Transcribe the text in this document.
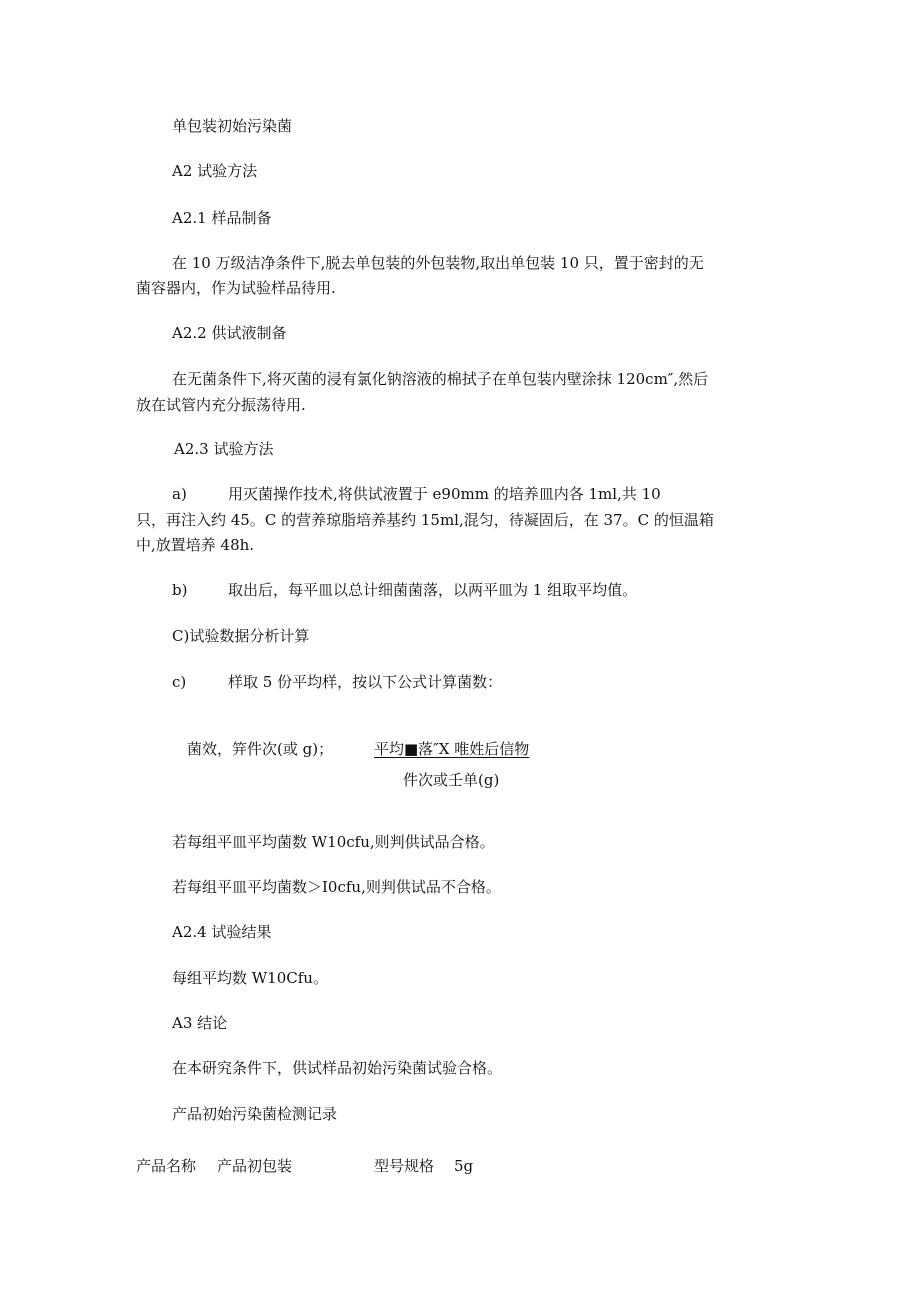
单包装初始污染菌
A2 试验方法
A2.1 样品制备
在 10 万级洁净条件下,脱去单包装的外包装物,取出单包装 10 只，置于密封的无
菌容器内，作为试验样品待用.
A2.2 供试液制备
在无菌条件下,将灭菌的浸有氯化钠溶液的棉拭子在单包装内壁涂抹 120cm″,然后
放在试管内充分振荡待用.
A2.3 试验方法
a)	用灭菌操作技术,将供试液置于 e90mm 的培养皿内各 1ml,共 10
只，再注入约 45。C 的营养琼脂培养基约 15ml,混匀，待凝固后，在 37。C 的恒温箱
中,放置培养 48h.
b)	取出后，每平皿以总计细菌菌落，以两平皿为 1 组取平均值。
C)试验数据分析计算
c)	样取 5 份平均样，按以下公式计算菌数：
菌效，笄件次(或 g)；	平均■落″X 唯姓后信物
件次或壬单(g)
若每组平皿平均菌数 W10cfu,则判供试品合格。
若每组平皿平均菌数＞I0cfu,则判供试品不合格。
A2.4 试验结果
每组平均数 W10Cfu。
A3 结论
在本研究条件下，供试样品初始污染菌试验合格。
产品初始污染菌检测记录
产品名称 产品初包装	型号规格 5g
